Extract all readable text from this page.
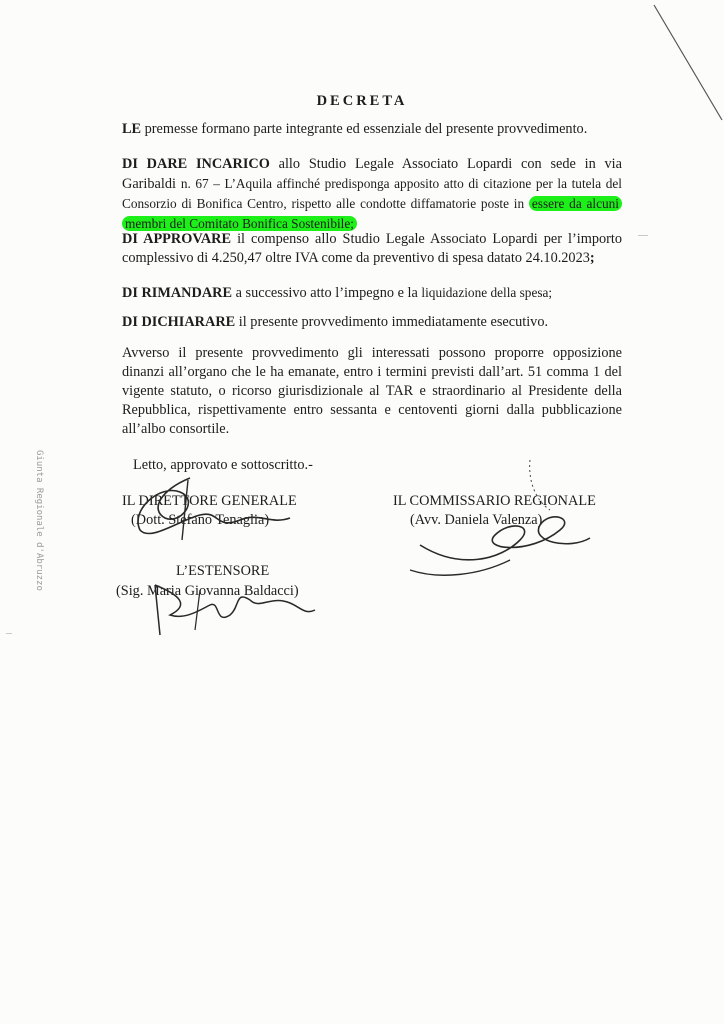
DECRETA

LE premesse formano parte integrante ed essenziale del presente provvedimento.

DI DARE INCARICO allo Studio Legale Associato Lopardi con sede in via Garibaldi n. 67 – L’Aquila affinché predisponga apposito atto di citazione per la tutela del Consorzio di Bonifica Centro, rispetto alle condotte diffamatorie poste in essere da alcuni membri del Comitato Bonifica Sostenibile;

DI APPROVARE il compenso allo Studio Legale Associato Lopardi per l’importo complessivo di 4.250,47 oltre IVA come da preventivo di spesa datato 24.10.2023;

DI RIMANDARE a successivo atto l’impegno e la liquidazione della spesa;

DI DICHIARARE il presente provvedimento immediatamente esecutivo.

Avverso il presente provvedimento gli interessati possono proporre opposizione dinanzi all’organo che le ha emanate, entro i termini previsti dall’art. 51 comma 1 del vigente statuto, o ricorso giurisdizionale al TAR e straordinario al Presidente della Repubblica, rispettivamente entro sessanta e centoventi giorni dalla pubblicazione all’albo consortile.

Letto, approvato e sottoscritto.-
Giunta Regionale d'Abruzzo	IL DIRETTORE GENERALE
(Dott. Stefano Tenaglia)
IL COMMISSARIO REGIONALE
(Avv. Daniela Valenza)
L’ESTENSORE
(Sig. Maria Giovanna Baldacci)
